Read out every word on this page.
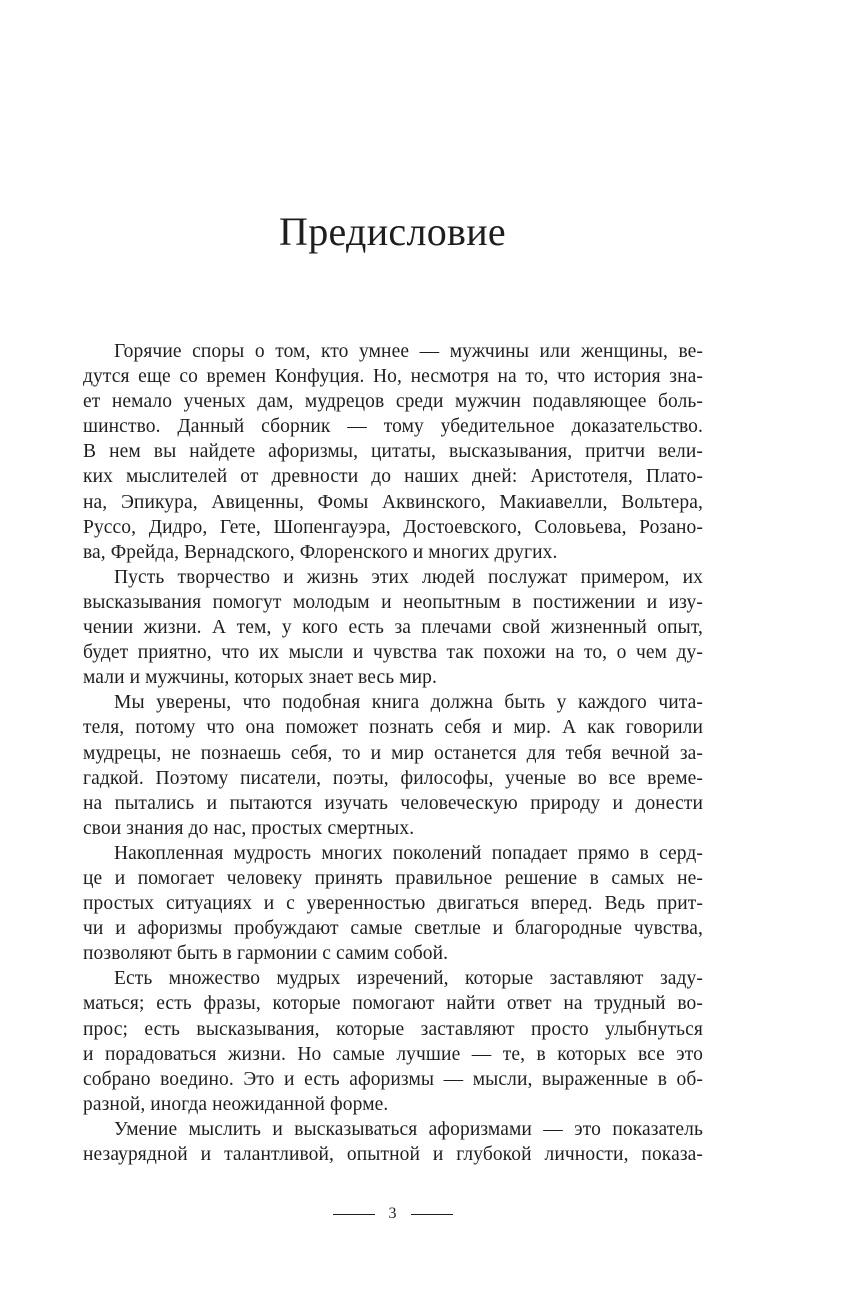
Предисловие

Горячие споры о том, кто умнее — мужчины или женщины, ве-
дутся еще со времен Конфуция. Но, несмотря на то, что история зна-
ет немало ученых дам, мудрецов среди мужчин подавляющее боль-
шинство. Данный сборник — тому убедительное доказательство.
В нем вы найдете афоризмы, цитаты, высказывания, притчи вели-
ких мыслителей от древности до наших дней: Аристотеля, Плато-
на, Эпикура, Авиценны, Фомы Аквинского, Макиавелли, Вольтера,
Руссо, Дидро, Гете, Шопенгауэра, Достоевского, Соловьева, Розано-
ва, Фрейда, Вернадского, Флоренского и многих других.

Пусть творчество и жизнь этих людей послужат примером, их
высказывания помогут молодым и неопытным в постижении и изу-
чении жизни. А тем, у кого есть за плечами свой жизненный опыт,
будет приятно, что их мысли и чувства так похожи на то, о чем ду-
мали и мужчины, которых знает весь мир.

Мы уверены, что подобная книга должна быть у каждого чита-
теля, потому что она поможет познать себя и мир. А как говорили
мудрецы, не познаешь себя, то и мир останется для тебя вечной за-
гадкой. Поэтому писатели, поэты, философы, ученые во все време-
на пытались и пытаются изучать человеческую природу и донести
свои знания до нас, простых смертных.

Накопленная мудрость многих поколений попадает прямо в серд-
це и помогает человеку принять правильное решение в самых не-
простых ситуациях и с уверенностью двигаться вперед. Ведь прит-
чи и афоризмы пробуждают самые светлые и благородные чувства,
позволяют быть в гармонии с самим собой.

Есть множество мудрых изречений, которые заставляют заду-
маться; есть фразы, которые помогают найти ответ на трудный во-
прос; есть высказывания, которые заставляют просто улыбнуться
и порадоваться жизни. Но самые лучшие — те, в которых все это
собрано воедино. Это и есть афоризмы — мысли, выраженные в об-
разной, иногда неожиданной форме.

Умение мыслить и высказываться афоризмами — это показатель
незаурядной и талантливой, опытной и глубокой личности, показа-

3
